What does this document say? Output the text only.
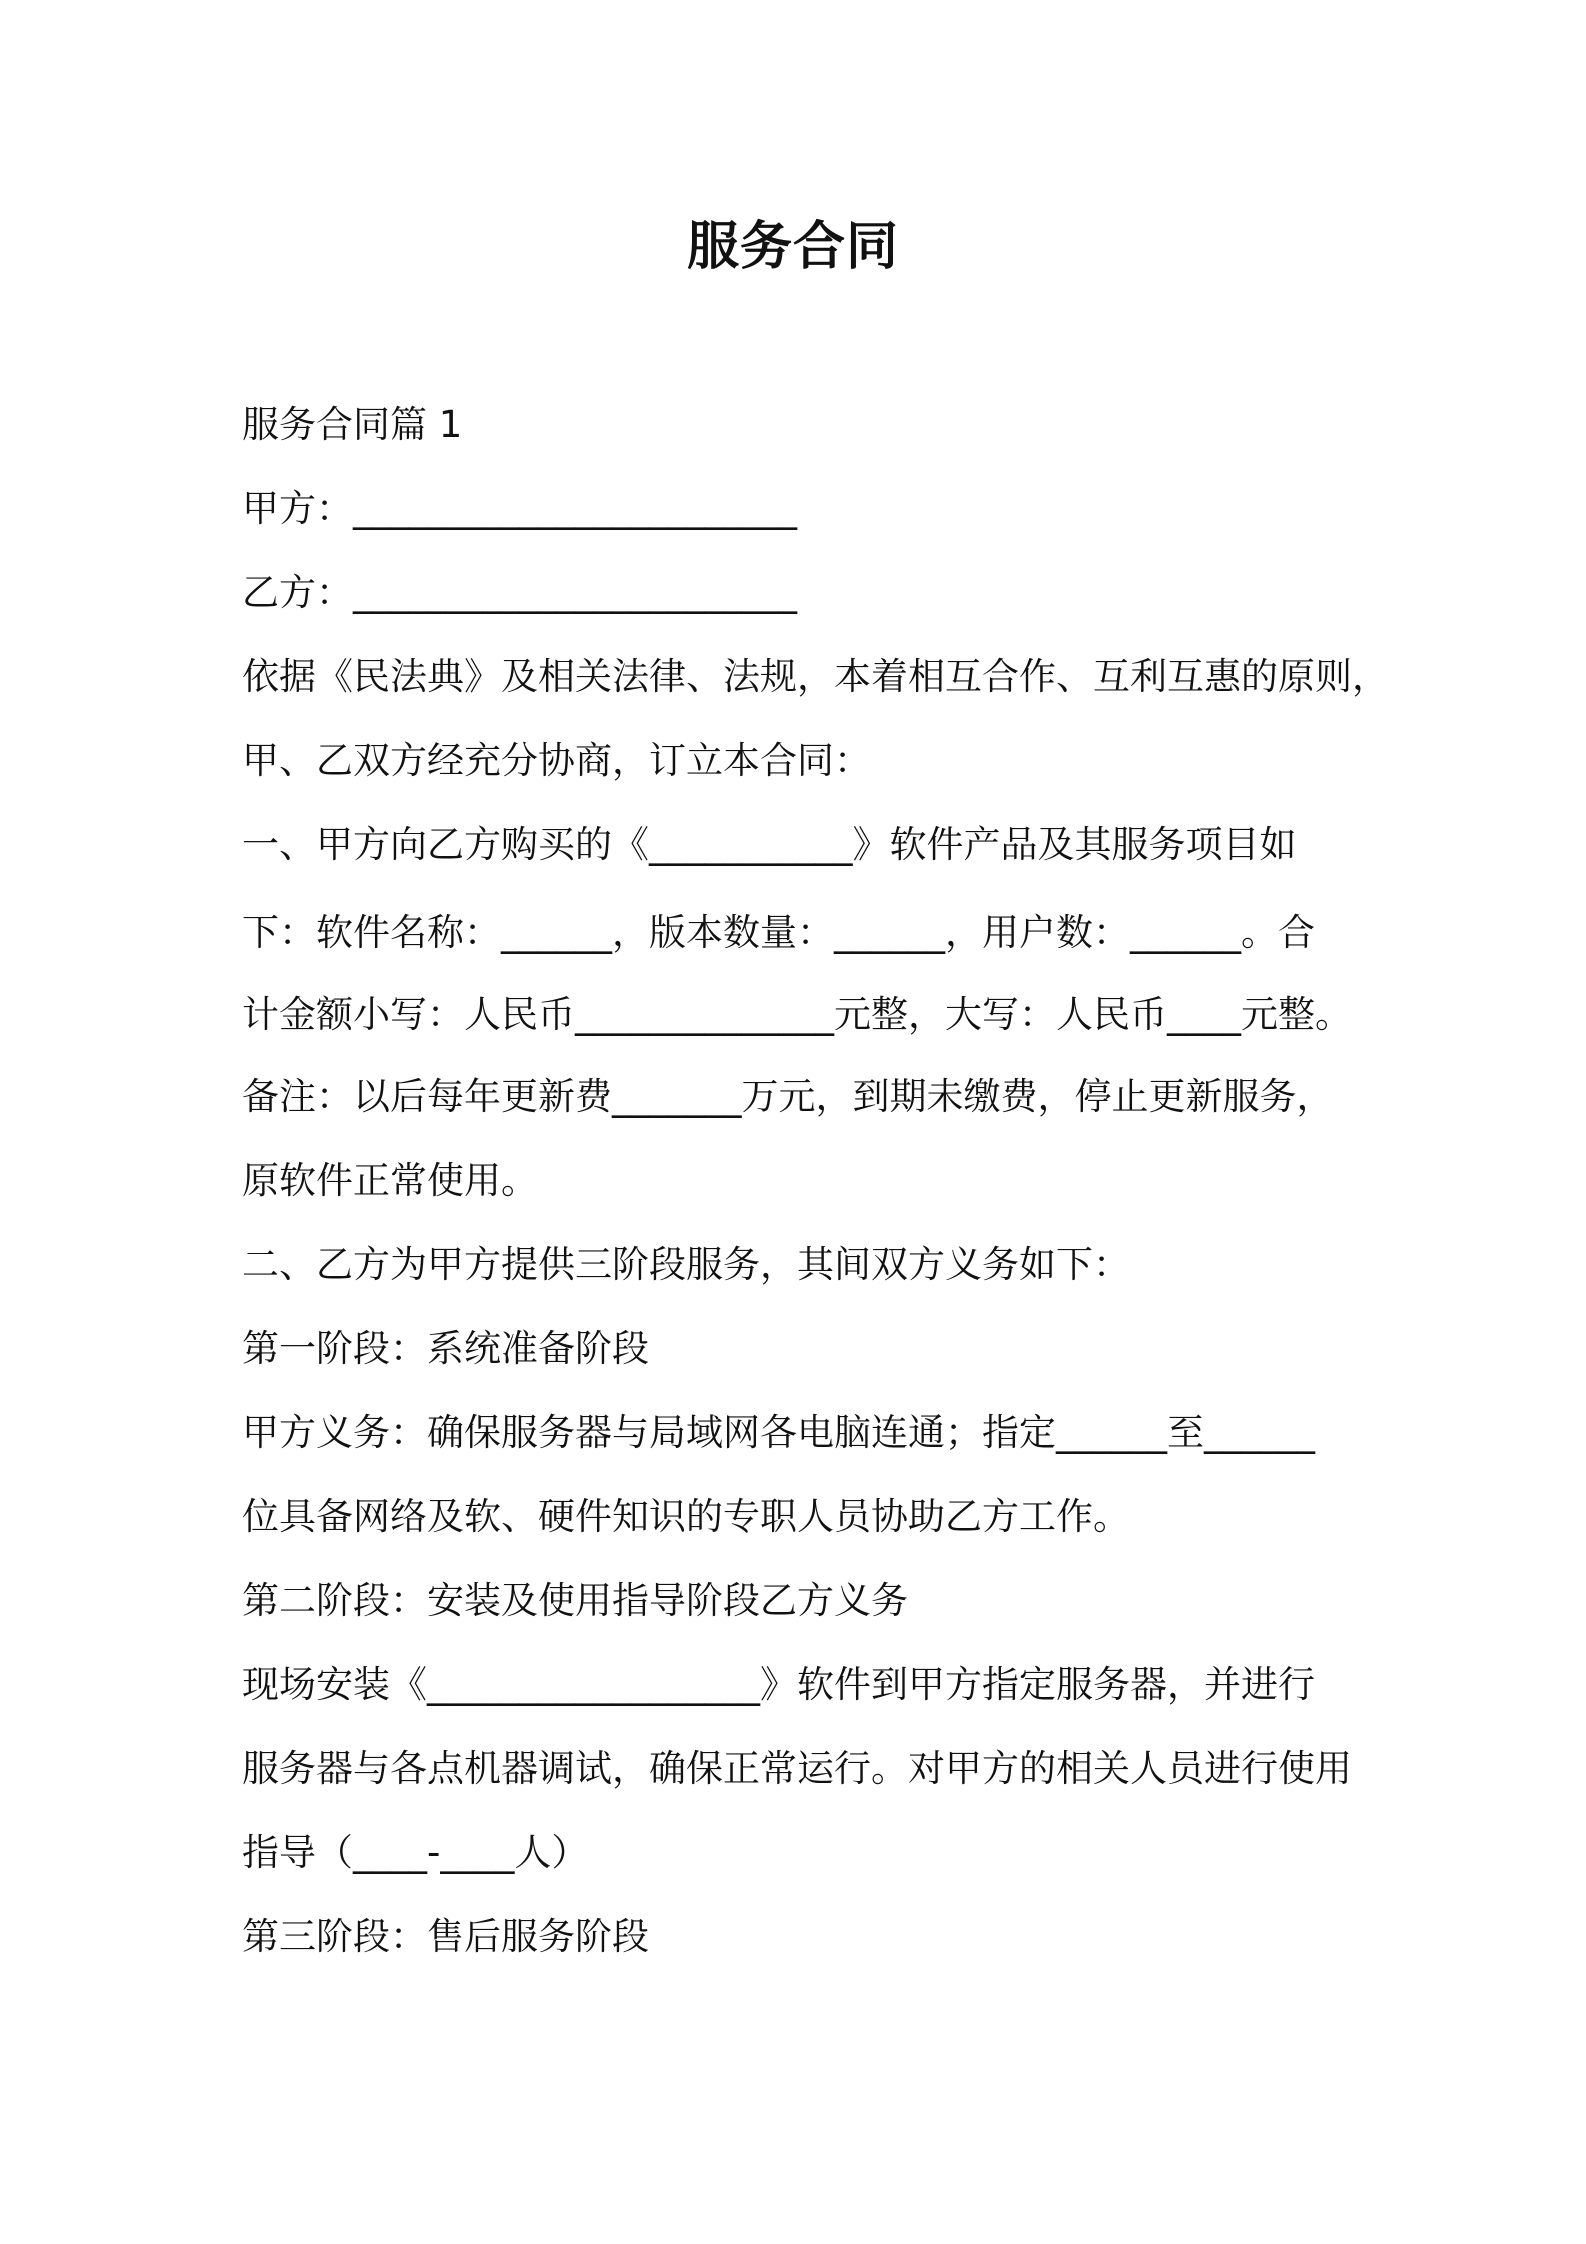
服务合同
服务合同篇 1
甲方：________________________
乙方：________________________
依据《民法典》及相关法律、法规，本着相互合作、互利互惠的原则，
甲、乙双方经充分协商，订立本合同：
一、甲方向乙方购买的《___________》软件产品及其服务项目如
下：软件名称：______，版本数量：______，用户数：______。合
计金额小写：人民币______________元整，大写：人民币____元整。
备注：以后每年更新费_______万元，到期未缴费，停止更新服务，
原软件正常使用。
二、乙方为甲方提供三阶段服务，其间双方义务如下：
第一阶段：系统准备阶段
甲方义务：确保服务器与局域网各电脑连通；指定______至______
位具备网络及软、硬件知识的专职人员协助乙方工作。
第二阶段：安装及使用指导阶段乙方义务
现场安装《__________________》软件到甲方指定服务器，并进行
服务器与各点机器调试，确保正常运行。对甲方的相关人员进行使用
指导（____-____人）
第三阶段：售后服务阶段
